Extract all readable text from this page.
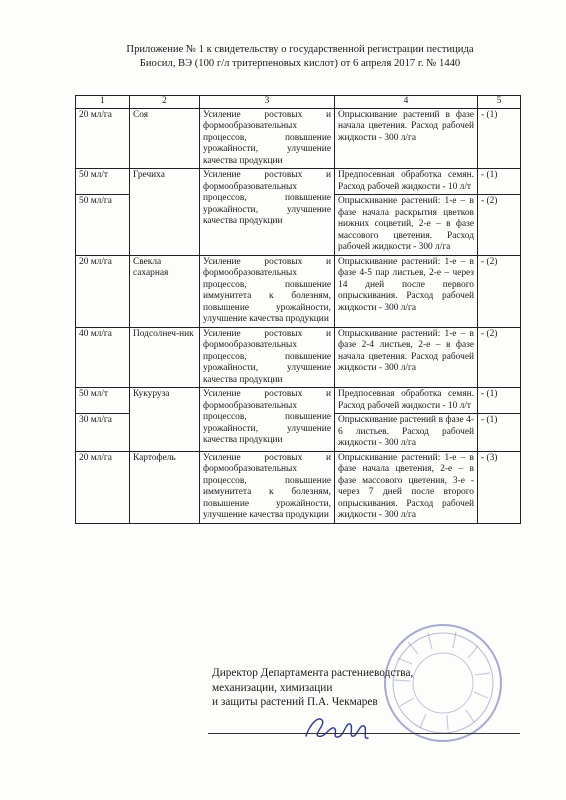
Приложение № 1 к свидетельству о государственной регистрации пестицида
Биосил, ВЭ (100 г/л тритерпеновых кислот) от 6 апреля 2017 г. № 1440
1	2	3	4	5
20 мл/га	Соя	Усиление ростовых и формообразовательных процессов, повышение урожайности, улучшение качества продукции	Опрыскивание растений в фазе начала цветения. Расход рабочей жидкости - 300 л/га	- (1)
50 мл/т	Гречиха	Усиление ростовых и формообразовательных процессов, повышение урожайности, улучшение качества продукции	Предпосевная обработка семян. Расход рабочей жидкости - 10 л/т	- (1)
50 мл/га			Опрыскивание растений: 1-е – в фазе начала раскрытия цветков нижних соцветий, 2-е – в фазе массового цветения. Расход рабочей жидкости - 300 л/га	- (2)
20 мл/га	Свекла сахарная	Усиление ростовых и формообразовательных процессов, повышение иммунитета к болезням, повышение урожайности, улучшение качества продукции	Опрыскивание растений: 1-е – в фазе 4-5 пар листьев, 2-е – через 14 дней после первого опрыскивания. Расход рабочей жидкости - 300 л/га	- (2)
40 мл/га	Подсолнеч-ник	Усиление ростовых и формообразовательных процессов, повышение урожайности, улучшение качества продукции	Опрыскивание растений: 1-е – в фазе 2-4 листьев, 2-е – в фазе начала цветения. Расход рабочей жидкости - 300 л/га	- (2)
50 мл/т	Кукуруза	Усиление ростовых и формообразовательных процессов, повышение урожайности, улучшение качества продукции	Предпосевная обработка семян. Расход рабочей жидкости - 10 л/т	- (1)
30 мл/га			Опрыскивание растений в фазе 4-6 листьев. Расход рабочей жидкости - 300 л/га	- (1)
20 мл/га	Картофель	Усиление ростовых и формообразовательных процессов, повышение иммунитета к болезням, повышение урожайности, улучшение качества продукции	Опрыскивание растений: 1-е – в фазе начала цветения, 2-е – в фазе массового цветения, 3-е - через 7 дней после второго опрыскивания. Расход рабочей жидкости - 300 л/га	- (3)
Директор Департамента растениеводства,
механизации, химизации
и защиты растений П.А. Чекмарев
